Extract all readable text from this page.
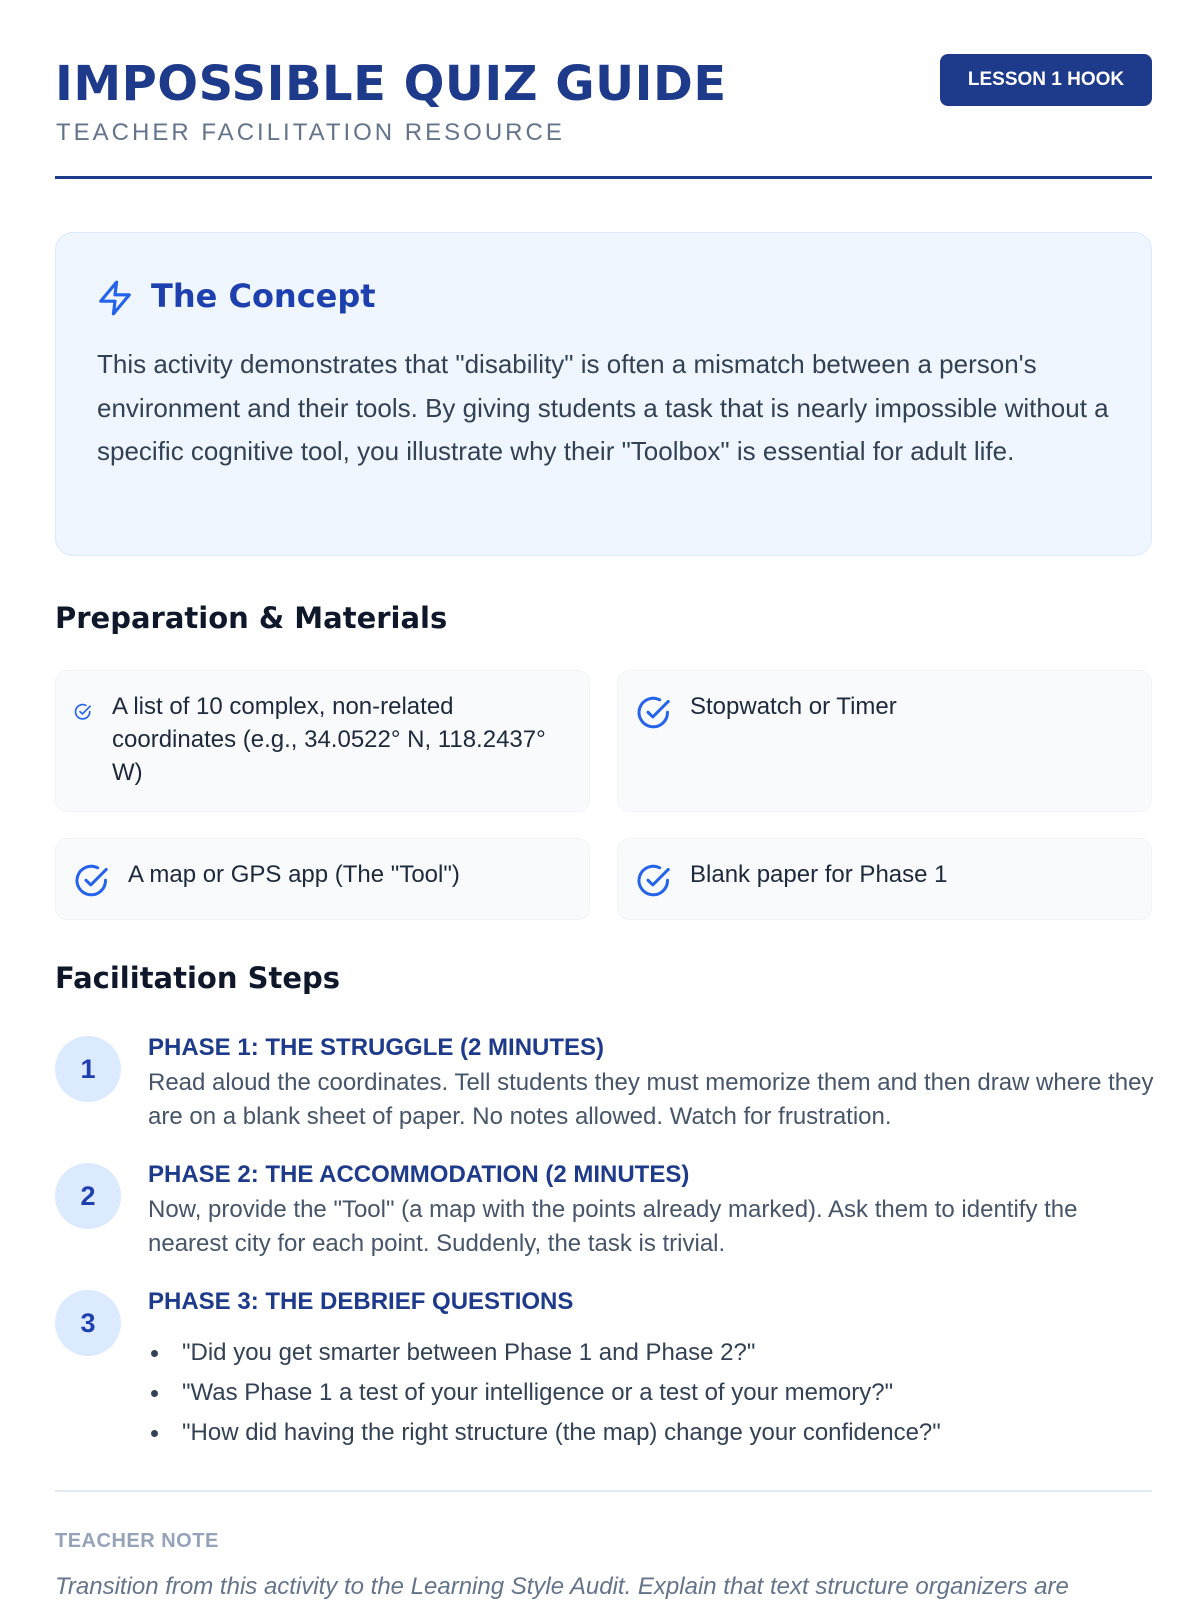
IMPOSSIBLE QUIZ GUIDE
TEACHER FACILITATION RESOURCE
LESSON 1 HOOK
The Concept

This activity demonstrates that "disability" is often a mismatch between a person's environment and their tools. By giving students a task that is nearly impossible without a specific cognitive tool, you illustrate why their "Toolbox" is essential for adult life.

Preparation & Materials
A list of 10 complex, non-related coordinates (e.g., 34.0522° N, 118.2437° W)
Stopwatch or Timer
A map or GPS app (The "Tool")	Blank paper for Phase 1
Facilitation Steps
1
PHASE 1: THE STRUGGLE (2 MINUTES)

Read aloud the coordinates. Tell students they must memorize them and then draw where they are on a blank sheet of paper. No notes allowed. Watch for frustration.

2
PHASE 2: THE ACCOMMODATION (2 MINUTES)

Now, provide the "Tool" (a map with the points already marked). Ask them to identify the nearest city for each point. Suddenly, the task is trivial.

3
PHASE 3: THE DEBRIEF QUESTIONS
"Did you get smarter between Phase 1 and Phase 2?"
"Was Phase 1 a test of your intelligence or a test of your memory?"
"How did having the right structure (the map) change your confidence?"
TEACHER NOTE

Transition from this activity to the Learning Style Audit. Explain that text structure organizers are
